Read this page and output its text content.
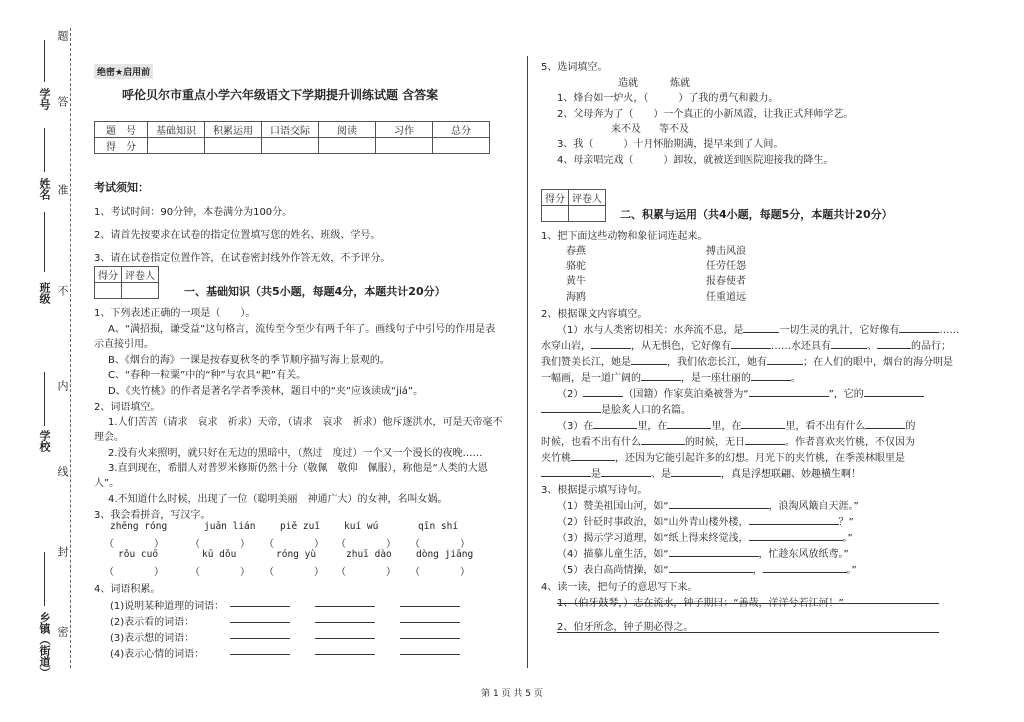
题
学号 答
姓名 准
班级 不
内
学校
线
封
乡镇（街道） 密
绝密★启用前
呼伦贝尔市重点小学六年级语文下学期提升训练试题 含答案
题　号	基础知识	积累运用	口语交际	阅读	习作	总分
得　分						
考试须知：
1、考试时间：90分钟，本卷满分为100分。
2、请首先按要求在试卷的指定位置填写您的姓名、班级、学号。
3、请在试卷指定位置作答，在试卷密封线外作答无效，不予评分。
得分	评卷人

一、基础知识（共5小题，每题4分，本题共计20分）
1、下列表述正确的一项是（　　）。
A、“满招损，谦受益”这句格言，流传至今至少有两千年了。画线句子中引号的作用是表
示直接引用。
B、《烟台的海》一课是按春夏秋冬的季节顺序描写海上景观的。
C、“春种一粒粟”中的“种”与农具“耙”有关。
D、《夹竹桃》的作者是著名学者季羡林，题目中的“夹”应该读成“jiá”。
2、词语填空。
1.人们苦苦（请求　哀求　祈求）天帝，（请求　哀求　祈求）他斥逐洪水，可是天帝毫不
理会。
2.没有火来照明，就只好在无边的黑暗中，（熬过　度过）一个又一个漫长的夜晚……
3.直到现在，希腊人对普罗米修斯仍然十分（敬佩　敬仰　佩服），称他是“人类的大恩
人”。
4.不知道什么时候，出现了一位（聪明美丽　神通广大）的女神，名叫女娲。
3、我会看拼音，写汉字。
zhēng róng	juān lián	piě zuǐ	kuí wú	qīn shí
（　　　　）	（　　　　） （　　　　） （　　　　） （　　　　）
rǒu cuō	kū dǒu	róng yù	zhuī dào	dòng jiāng
（　　　　）	（　　　　） （　　　　） （　　　　） （　　　　）
4、词语积累。
(1)说明某种道理的词语：
(2)表示看的词语：
(3)表示想的词语：
(4)表示心情的词语：
5、选词填空。
造就	炼就
1、烽台如一炉火，（　　　）了我的勇气和毅力。
2、父母奔为了（　　）一个真正的小新凤霞，让我正式拜师学艺。
来不及 等不及
3、我（　　　）十月怀胎期满，提早来到了人间。
4、母亲唱完戏（　　　）卸妆，就被送到医院迎接我的降生。
得分	评卷人

二、积累与运用（共4小题，每题5分，本题共计20分）
1、把下面这些动物和象征词连起来。
春燕
骆驼
黄牛
海鸥
搏击风浪
任劳任怨
报春使者
任重道远
2、根据课文内容填空。
（1）水与人类密切相关：水奔流不息，是	一切生灵的乳汁，它好像有	……
水穿山岩，	，从无惧色，它好像有	……水还具有	、	的品行；
我们赞美长江，她是	，我们依恋长江，她有	；在人们的眼中，烟台的海分明是
一幅画，是一道广阔的	，是一座壮丽的	。
（2）	（国籍）作家莫泊桑被誉为“	”，它的
是脍炙人口的名篇。
（3）在	里，在	里，在	里，看不出有什么	的
时候，也看不出有什么	的时候，无日	。作者喜欢夹竹桃，不仅因为
夹竹桃	，还因为它能引起许多的幻想。月光下的夹竹桃，在季羡林眼里是
是	、是	，真是浮想联翩、妙趣横生啊！
3、根据提示填写诗句。
（1）赞美祖国山河，如“	，浪淘风簸自天涯。”
（2）针砭时事政治，如“山外青山楼外楼，	？”
（3）揭示学习道理，如“纸上得来终觉浅，	。”
（4）描摹儿童生活，如“	，忙趁东风放纸鸢。”
（5）表白高尚情操，如“	，	。”
4、读一读，把句子的意思写下来。
1、（伯牙鼓琴，）志在流水，钟子期曰：“善哉，洋洋兮若江河！”
2、伯牙所念，钟子期必得之。
第 1 页 共 5 页
